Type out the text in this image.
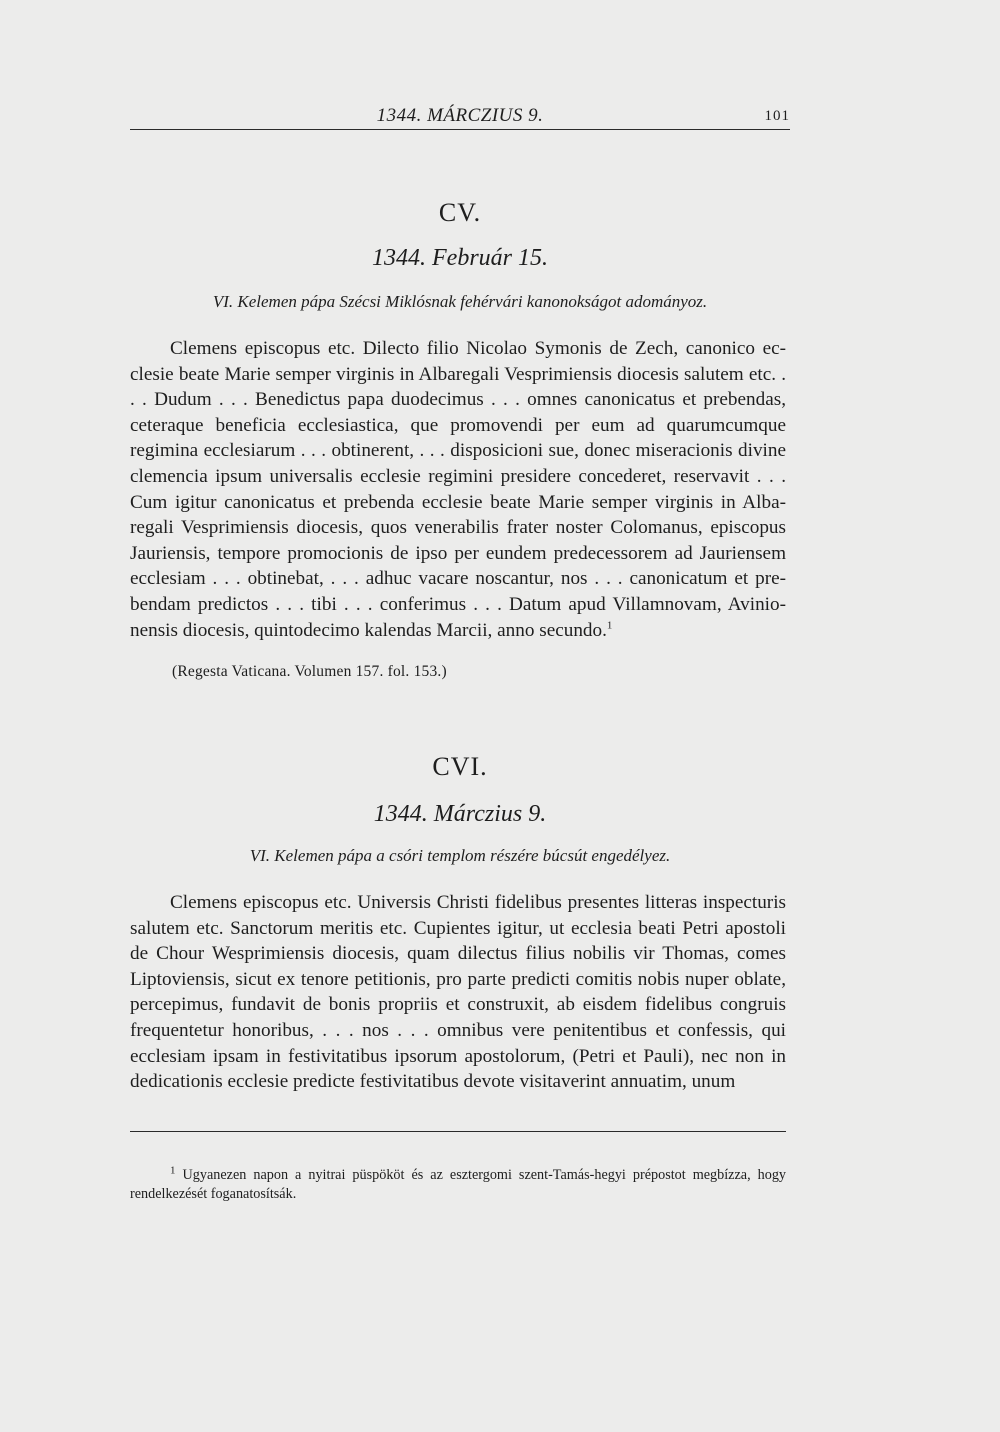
1344. MÁRCZIUS 9.	101
CV.
1344. Február 15.
VI. Kelemen pápa Szécsi Miklósnak fehérvári kanonokságot adományoz.

Clemens episcopus etc. Dilecto filio Nicolao Symonis de Zech, canonico ecclesie beate Marie semper virginis in Albaregali Vesprimiensis diocesis salutem etc. . . . Dudum . . . Benedictus papa duodecimus . . . omnes canonicatus et prebendas, ceteraque beneficia ecclesiastica, que promovendi per eum ad quarumcumque regimina ecclesiarum . . . obtinerent, . . . disposicioni sue, donec miseracionis divine clemencia ipsum universalis ecclesie regimini presidere concederet, reservavit . . . Cum igitur canonicatus et prebenda ecclesie beate Marie semper virginis in Albaregali Vesprimiensis diocesis, quos venerabilis frater noster Colomanus, episcopus Jauriensis, tempore promocionis de ipso per eundem predecessorem ad Jauriensem ecclesiam . . . obtinebat, . . . adhuc vacare noscantur, nos . . . canonicatum et prebendam predictos . . . tibi . . . conferimus . . . Datum apud Villamnovam, Avinionensis diocesis, quintodecimo kalendas Marcii, anno secundo.$^1$

(Regesta Vaticana. Volumen 157. fol. 153.)
CVI.
1344. Márczius 9.
VI. Kelemen pápa a csóri templom részére búcsút engedélyez.

Clemens episcopus etc. Universis Christi fidelibus presentes litteras inspecturis salutem etc. Sanctorum meritis etc. Cupientes igitur, ut ecclesia beati Petri apostoli de Chour Wesprimiensis diocesis, quam dilectus filius nobilis vir Thomas, comes Liptoviensis, sicut ex tenore petitionis, pro parte predicti comitis nobis nuper oblate, percepimus, fundavit de bonis propriis et construxit, ab eisdem fidelibus congruis frequentetur honoribus, . . . nos . . . omnibus vere penitentibus et confessis, qui ecclesiam ipsam in festivitatibus ipsorum apostolorum, (Petri et Pauli), nec non in dedicationis ecclesie predicte festivitatibus devote visitaverint annuatim, unum

$^1$ Ugyanezen napon a nyitrai püspököt és az esztergomi szent-Tamás-hegyi prépostot megbízza, hogy rendelkezését foganatosítsák.
